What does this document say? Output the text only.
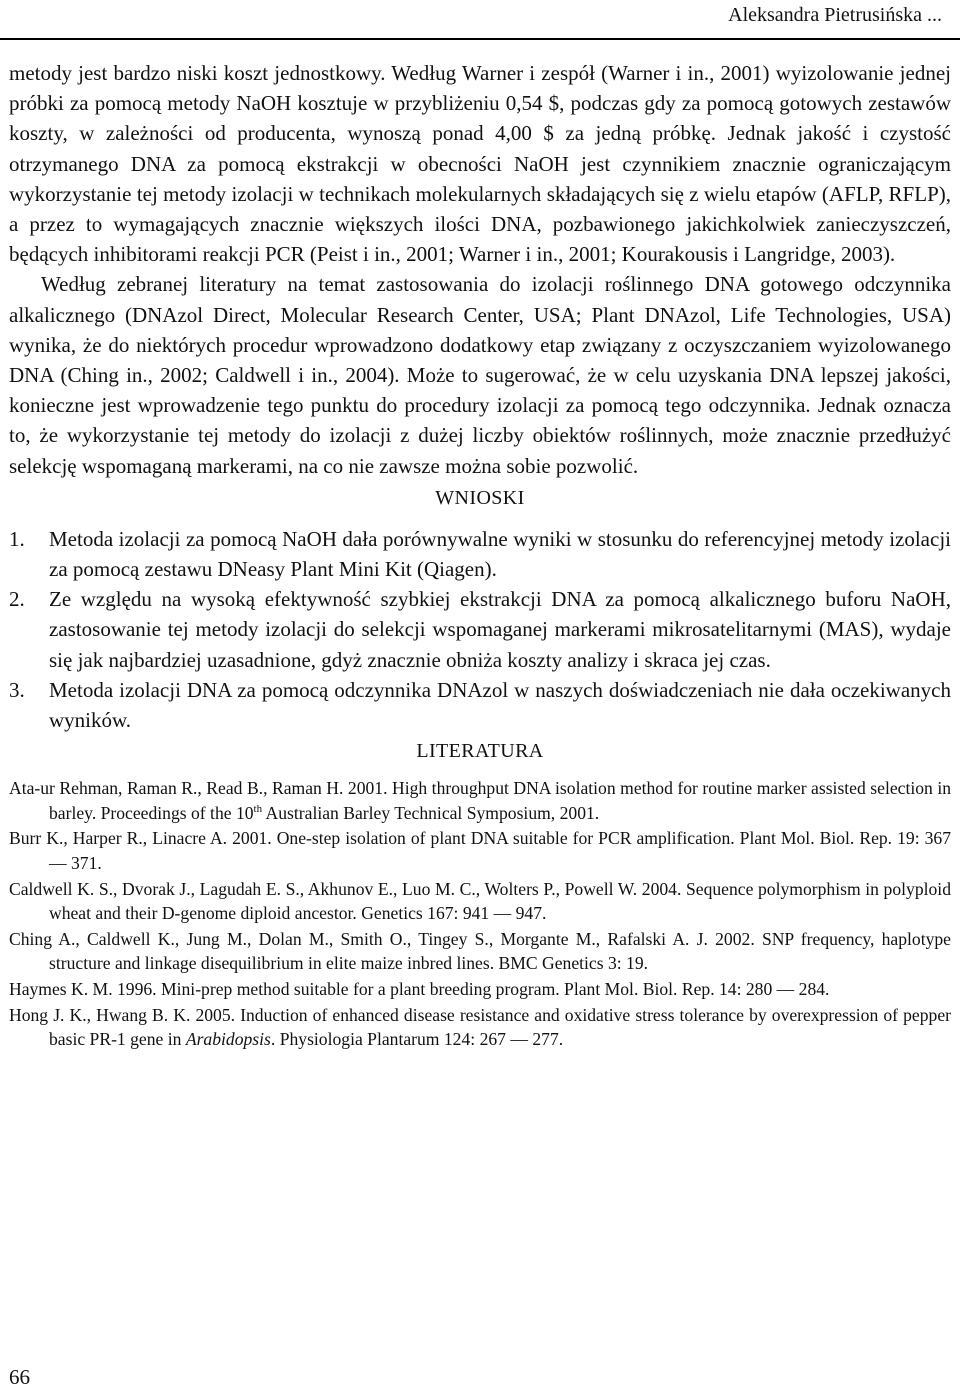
Aleksandra Pietrusińska ...

metody jest bardzo niski koszt jednostkowy. Według Warner i zespół (Warner i in., 2001) wyizolowanie jednej próbki za pomocą metody NaOH kosztuje w przybliżeniu 0,54 $, podczas gdy za pomocą gotowych zestawów koszty, w zależności od producenta, wynoszą ponad 4,00 $ za jedną próbkę. Jednak jakość i czystość otrzymanego DNA za pomocą ekstrakcji w obecności NaOH jest czynnikiem znacznie ograniczającym wykorzystanie tej metody izolacji w technikach molekularnych składających się z wielu etapów (AFLP, RFLP), a przez to wymagających znacznie większych ilości DNA, pozbawionego jakichkolwiek zanieczyszczeń, będących inhibitorami reakcji PCR (Peist i in., 2001; Warner i in., 2001; Kourakousis i Langridge, 2003).

Według zebranej literatury na temat zastosowania do izolacji roślinnego DNA gotowego odczynnika alkalicznego (DNAzol Direct, Molecular Research Center, USA; Plant DNAzol, Life Technologies, USA) wynika, że do niektórych procedur wprowadzono dodatkowy etap związany z oczyszczaniem wyizolowanego DNA (Ching in., 2002; Caldwell i in., 2004). Może to sugerować, że w celu uzyskania DNA lepszej jakości, konieczne jest wprowadzenie tego punktu do procedury izolacji za pomocą tego odczynnika. Jednak oznacza to, że wykorzystanie tej metody do izolacji z dużej liczby obiektów roślinnych, może znacznie przedłużyć selekcję wspomaganą markerami, na co nie zawsze można sobie pozwolić.

WNIOSKI
1. Metoda izolacji za pomocą NaOH dała porównywalne wyniki w stosunku do referencyjnej metody izolacji za pomocą zestawu DNeasy Plant Mini Kit (Qiagen).
2. Ze względu na wysoką efektywność szybkiej ekstrakcji DNA za pomocą alkalicznego buforu NaOH, zastosowanie tej metody izolacji do selekcji wspomaganej markerami mikrosatelitarnymi (MAS), wydaje się jak najbardziej uzasadnione, gdyż znacznie obniża koszty analizy i skraca jej czas.
3. Metoda izolacji DNA za pomocą odczynnika DNAzol w naszych doświadczeniach nie dała oczekiwanych wyników.
LITERATURA
Ata-ur Rehman, Raman R., Read B., Raman H. 2001. High throughput DNA isolation method for routine marker assisted selection in barley. Proceedings of the 10th Australian Barley Technical Symposium, 2001.
Burr K., Harper R., Linacre A. 2001. One-step isolation of plant DNA suitable for PCR amplification. Plant Mol. Biol. Rep. 19: 367 — 371.
Caldwell K. S., Dvorak J., Lagudah E. S., Akhunov E., Luo M. C., Wolters P., Powell W. 2004. Sequence polymorphism in polyploid wheat and their D-genome diploid ancestor. Genetics 167: 941 — 947.
Ching A., Caldwell K., Jung M., Dolan M., Smith O., Tingey S., Morgante M., Rafalski A. J. 2002. SNP frequency, haplotype structure and linkage disequilibrium in elite maize inbred lines. BMC Genetics 3: 19.
Haymes K. M. 1996. Mini-prep method suitable for a plant breeding program. Plant Mol. Biol. Rep. 14: 280 — 284.
Hong J. K., Hwang B. K. 2005. Induction of enhanced disease resistance and oxidative stress tolerance by overexpression of pepper basic PR-1 gene in Arabidopsis. Physiologia Plantarum 124: 267 — 277.
66
